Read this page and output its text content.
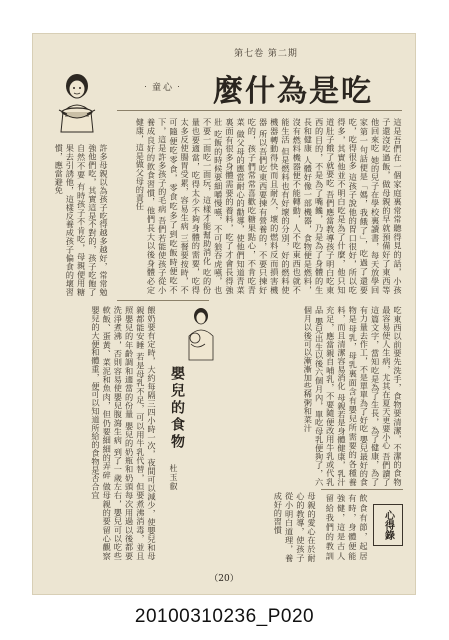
第七卷 第二期
吃是為什麼
‧童心‧
這是吾們在一個家庭裏常常聽得見的話，小孩子還沒吃過飯，做母親的早就預備好了東西等他回來吃 她的兒子在學校裏讀書，每天放學回家第一句話便是「媽，我餓了」，吃過了還要吃，吃得很多 這孩子說他的胃口很好，所以吃得多，其實他並不明白吃是為了什麼，他只知道肚子餓了就要吃 吾們應當教導孩子明白吃東西的目的，不是為了嘴饞，乃是為了身體的生長和健康 人體好像一部機器，食物便是燃料，沒有燃料機器便不能轉動，人不吃東西也就不能生活 但是燃料也有好壞的分別，好的燃料使機器轉動得快而且耐久，壞的燃料反而損害機器 所以吾們吃東西要揀有營養的，不要只揀好吃的，孩子們常常喜歡吃糖果點心，不肯吃青菜 做父母的應當耐心的勸導，使他們知道青菜裏面有很多身體需要的養料，吃了才會長得強壯 吃飯的時候要細嚼慢嚥，不可狼吞虎嚥，也不要一面吃一面玩，這樣才能幫助消化 吃的份量也要適當，吃得太少不夠身體的需要，吃得太多反使腸胃受累，容易生病 三餐要按時，不可隨便吃零食，零食吃多了到吃飯時便吃不下，這是許多孩子的毛病 吾們若能使孩子從小養成良好的飲食習慣，他們長大以後身體必定健康，這是做父母的責任
許多母親以為孩子吃得越多越好，常常勉強他們吃，其實這是不對的，孩子吃飽了自然不要 有時孩子不肯吃，母親便用糖果去引誘他，這樣反養成孩子偏食的壞習慣，應當避免
吃東西以前要先洗手，食物要清潔，不潔的食物最容易使人生病，尤其在夏天更要小心 吾們讀了這篇文字，當知吃是為了生長，為了健康，為了有力量去作工，不是單單為了好吃 嬰兒最好的食物是母乳，母乳裏面含有嬰兒所需要的各種養料，而且清潔容易消化 母親若是身體健康，乳汁充足，應當親自哺乳，不要隨便改用牛乳或代乳品 嬰兒出生以後六個月內，單吃母乳便夠了，六個月以後可以漸漸加些稀粥和菜汁
嬰兒的食物
杜玉叡
餵奶要有定時，大約每隔三四小時一次，夜間可以減少，使嬰兒和母親都能安睡 若是母乳不足，可以用牛乳代替，但要煮沸消毒，並且照嬰兒的年齡調和適當的份量 嬰兒的奶瓶和奶頭每次用過以後都要洗淨煮沸，否則容易使嬰兒腹瀉生病 到了一歲左右，嬰兒可以吃些軟飯、蛋黃、菜泥和魚肉，但仍要細細的弄碎 做母親的要留心觀察嬰兒的大便和體重，便可以知道所給的食物是否合宜
母親的愛心在於耐心的教導，使孩子從小明白道理，養成好的習慣	心得錄
飲食有節，起居有時，身體便能強健，這是古人留給我們的教訓
（20）
20100310236_P020
